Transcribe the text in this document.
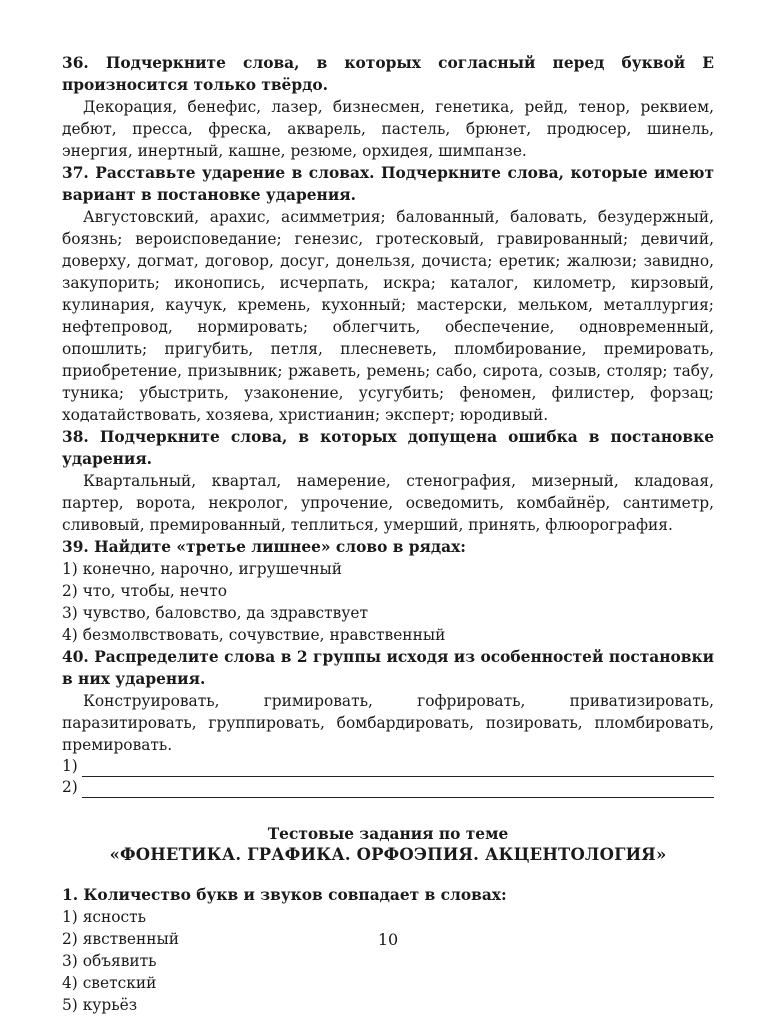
36. Подчеркните слова, в которых согласный перед буквой Е произносится только твёрдо.

Декорация, бенефис, лазер, бизнесмен, генетика, рейд, тенор, реквием, дебют, пресса, фреска, акварель, пастель, брюнет, продюсер, шинель, энергия, инертный, кашне, резюме, орхидея, шимпанзе.

37. Расставьте ударение в словах. Подчеркните слова, которые имеют вариант в постановке ударения.

Августовский, арахис, асимметрия; балованный, баловать, безудержный, боязнь; вероисповедание; генезис, гротесковый, гравированный; девичий, доверху, догмат, договор, досуг, донельзя, дочиста; еретик; жалюзи; завидно, закупорить; иконопись, исчерпать, искра; каталог, километр, кирзовый, кулинария, каучук, кремень, кухонный; мастерски, мельком, металлургия; нефтепровод, нормировать; облегчить, обеспечение, одновременный, опошлить; пригубить, петля, плесневеть, пломбирование, премировать, приобретение, призывник; ржаветь, ремень; сабо, сирота, созыв, столяр; табу, туника; убыстрить, узаконение, усугубить; феномен, филистер, форзац; ходатайствовать, хозяева, христианин; эксперт; юродивый.

38. Подчеркните слова, в которых допущена ошибка в постановке ударения.

Квартальный, квартал, намерение, стенография, мизерный, кладовая, партер, ворота, некролог, упрочение, осведомить, комбайнёр, сантиметр, сливовый, премированный, теплиться, умерший, принять, флюорография.

39. Найдите «третье лишнее» слово в рядах:

1) конечно, нарочно, игрушечный

2) что, чтобы, нечто

3) чувство, баловство, да здравствует

4) безмолвствовать, сочувствие, нравственный

40. Распределите слова в 2 группы исходя из особенностей постановки в них ударения.

Конструировать, гримировать, гофрировать, приватизировать, паразитировать, группировать, бомбардировать, позировать, пломбировать, премировать.

1)
2)

Тестовые задания по теме

«ФОНЕТИКА. ГРАФИКА. ОРФОЭПИЯ. АКЦЕНТОЛОГИЯ»

1. Количество букв и звуков совпадает в словах:

1) ясность

2) явственный

3) объявить

4) светский

5) курьёз

10
